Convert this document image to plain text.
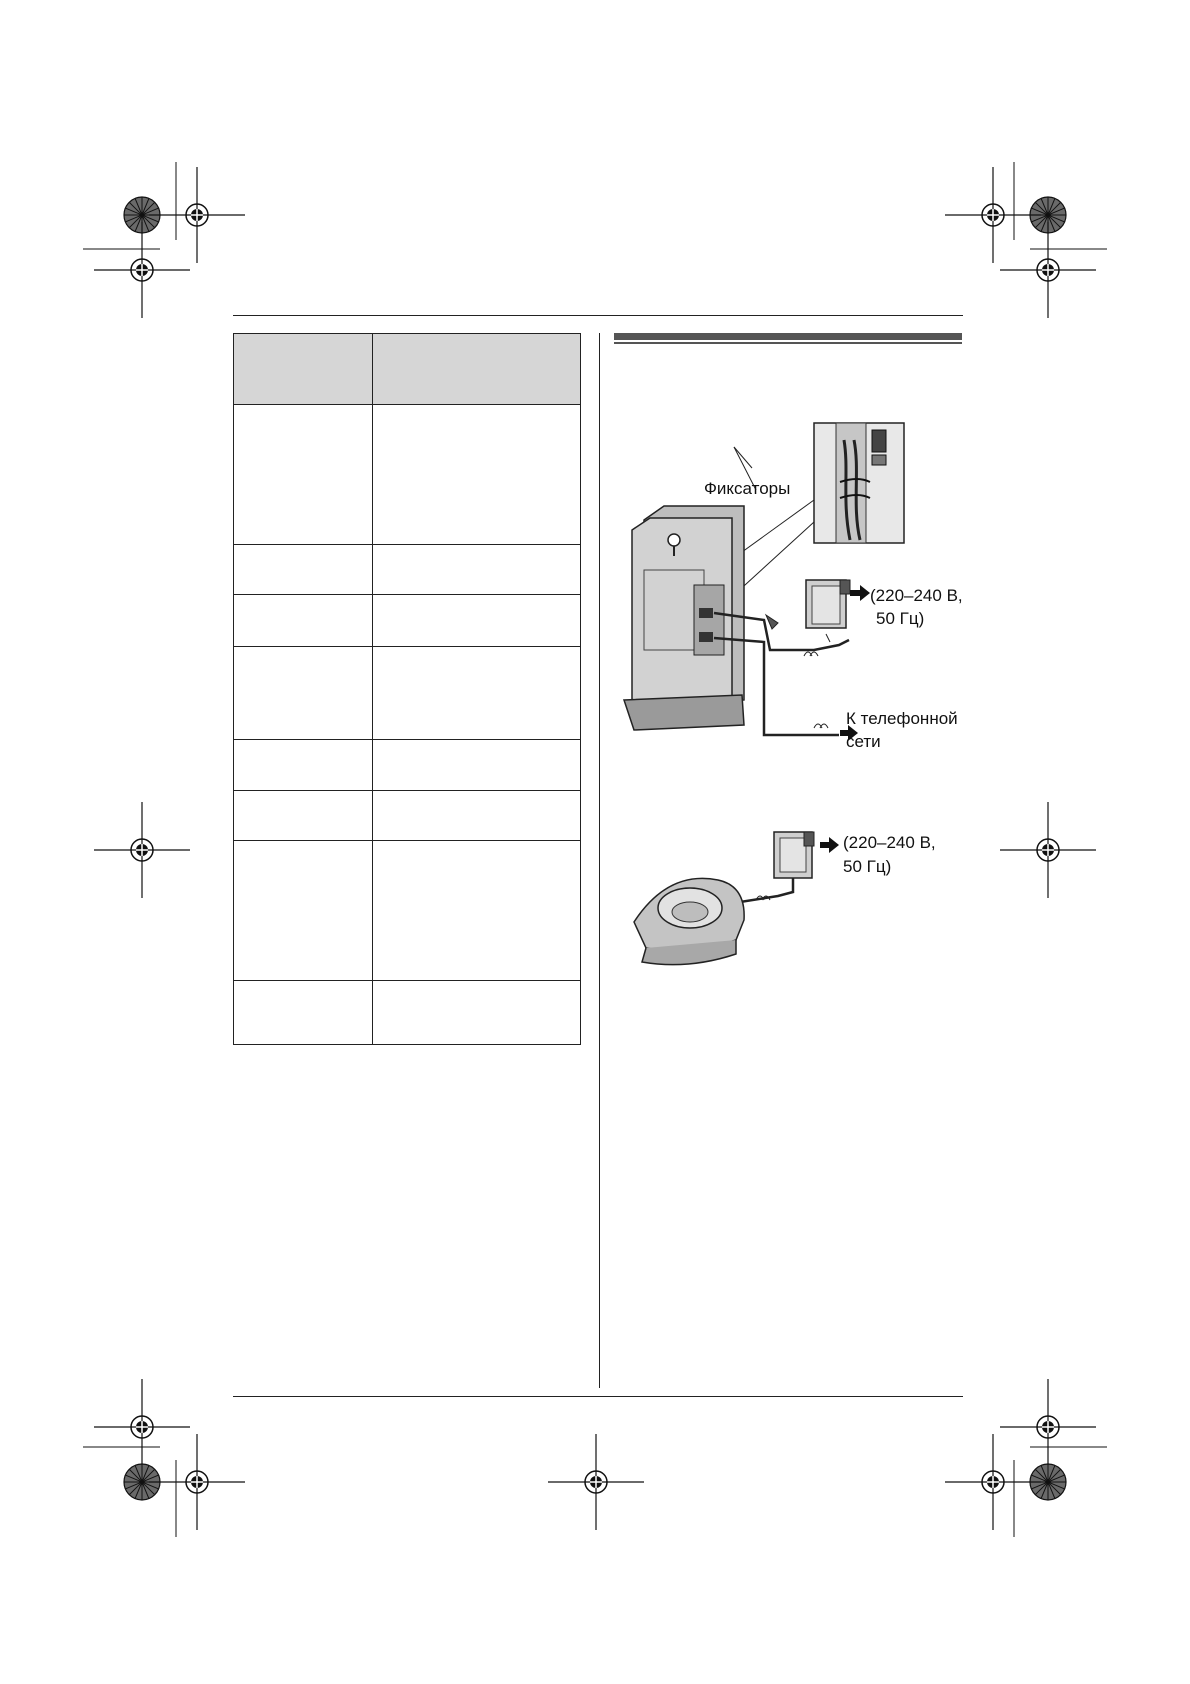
Фиксаторы
(220–240 В,
50 Гц)
К телефонной
сети
(220–240 В,
50 Гц)
